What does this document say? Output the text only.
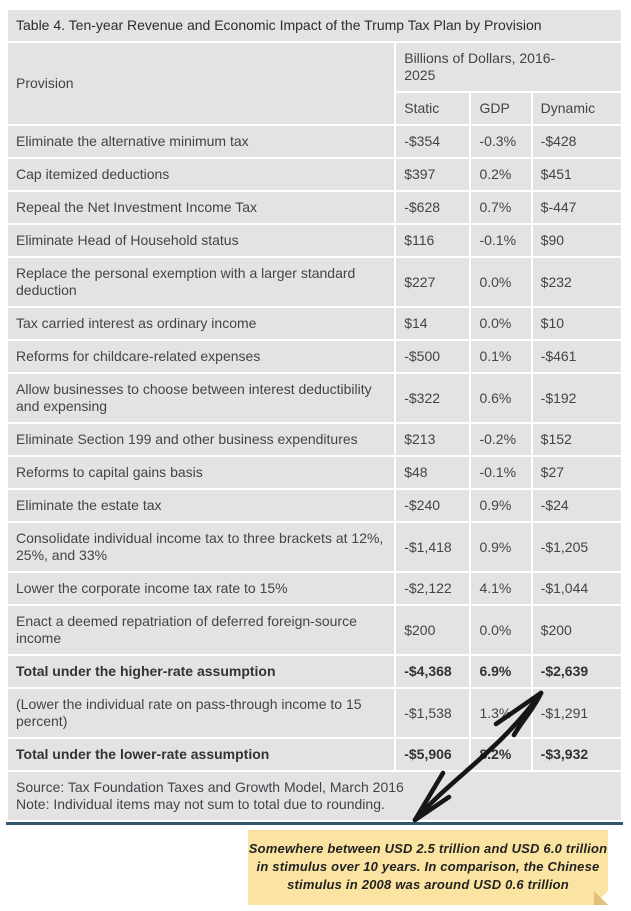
Table 4. Ten-year Revenue and Economic Impact of the Trump Tax Plan by Provision			
Provision	Billions of Dollars, 2016-2025		

	Static	GDP	Dynamic
Eliminate the alternative minimum tax	-$354	-0.3%	-$428
Cap itemized deductions	$397	0.2%	$451
Repeal the Net Investment Income Tax	-$628	0.7%	$-447
Eliminate Head of Household status	$116	-0.1%	$90
Replace the personal exemption with a larger standard deduction	$227	0.0%	$232
Tax carried interest as ordinary income	$14	0.0%	$10
Reforms for childcare-related expenses	-$500	0.1%	-$461
Allow businesses to choose between interest deductibility and expensing	-$322	0.6%	-$192
Eliminate Section 199 and other business expenditures	$213	-0.2%	$152
Reforms to capital gains basis	$48	-0.1%	$27
Eliminate the estate tax	-$240	0.9%	-$24
Consolidate individual income tax to three brackets at 12%, 25%, and 33%	-$1,418	0.9%	-$1,205
Lower the corporate income tax rate to 15%	-$2,122	4.1%	-$1,044
Enact a deemed repatriation of deferred foreign-source income	$200	0.0%	$200
Total under the higher-rate assumption	-$4,368	6.9%	-$2,639
(Lower the individual rate on pass-through income to 15 percent)	-$1,538	1.3%	-$1,291
Total under the lower-rate assumption	-$5,906	8.2%	-$3,932

Source: Tax Foundation Taxes and Growth Model, March 2016
Note: Individual items may not sum to total due to rounding.			
Somewhere between USD 2.5 trillion and USD 6.0 trillion
in stimulus over 10 years. In comparison, the Chinese
stimulus in 2008 was around USD 0.6 trillion
